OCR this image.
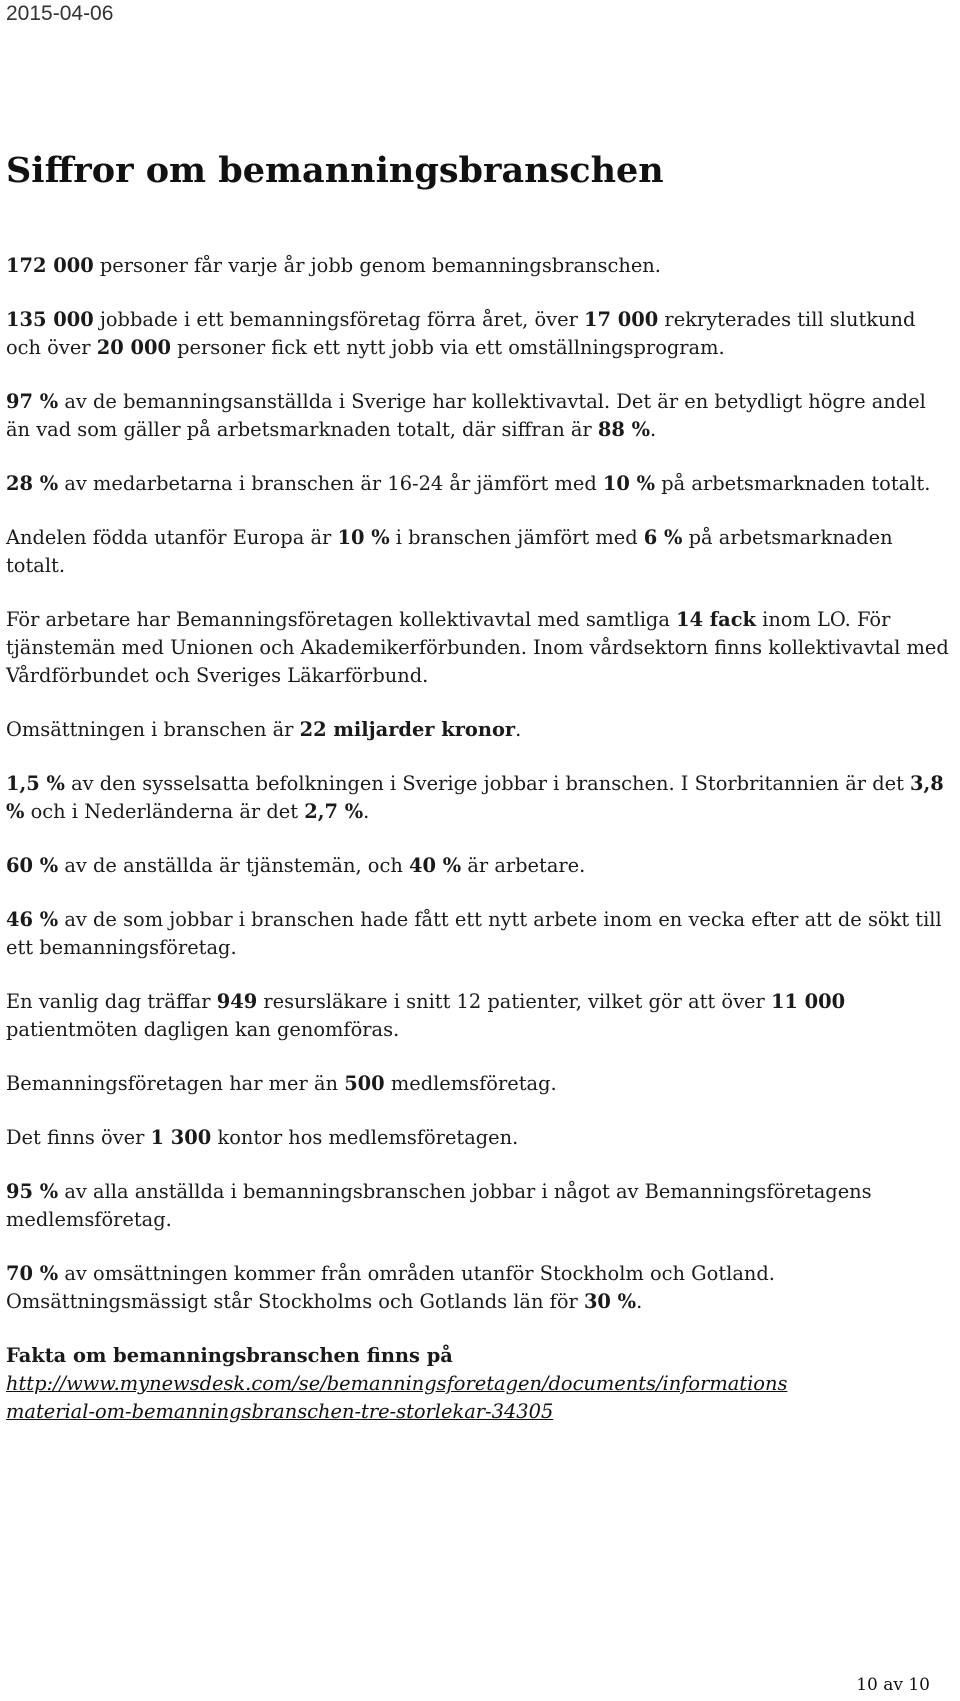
2015-04-06
Siffror om bemanningsbranschen

172 000 personer får varje år jobb genom bemanningsbranschen.

135 000 jobbade i ett bemanningsföretag förra året, över 17 000 rekryterades till slutkund och över 20 000 personer fick ett nytt jobb via ett omställningsprogram.

97 % av de bemanningsanställda i Sverige har kollektivavtal. Det är en betydligt högre andel än vad som gäller på arbetsmarknaden totalt, där siffran är 88 %.

28 % av medarbetarna i branschen är 16-24 år jämfört med 10 % på arbetsmarknaden totalt.

Andelen födda utanför Europa är 10 % i branschen jämfört med 6 % på arbetsmarknaden totalt.

För arbetare har Bemanningsföretagen kollektivavtal med samtliga 14 fack inom LO. För tjänstemän med Unionen och Akademikerförbunden. Inom vårdsektorn finns kollektivavtal med Vårdförbundet och Sveriges Läkarförbund.

Omsättningen i branschen är 22 miljarder kronor.

1,5 % av den sysselsatta befolkningen i Sverige jobbar i branschen. I Storbritannien är det 3,8 % och i Nederländerna är det 2,7 %.

60 % av de anställda är tjänstemän, och 40 % är arbetare.

46 % av de som jobbar i branschen hade fått ett nytt arbete inom en vecka efter att de sökt till ett bemanningsföretag.

En vanlig dag träffar 949 resursläkare i snitt 12 patienter, vilket gör att över 11 000 patientmöten dagligen kan genomföras.

Bemanningsföretagen har mer än 500 medlemsföretag.

Det finns över 1 300 kontor hos medlemsföretagen.

95 % av alla anställda i bemanningsbranschen jobbar i något av Bemanningsföretagens medlemsföretag.

70 % av omsättningen kommer från områden utanför Stockholm och Gotland. Omsättningsmässigt står Stockholms och Gotlands län för 30 %.

Fakta om bemanningsbranschen finns på
http://www.mynewsdesk.com/se/bemanningsforetagen/documents/informations
material-om-bemanningsbranschen-tre-storlekar-34305
10 av 10
